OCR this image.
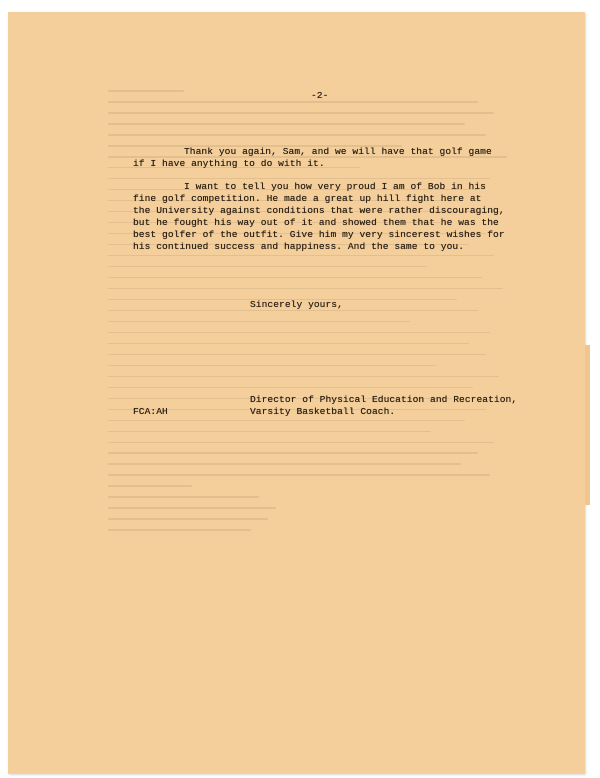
-2-
Thank you again, Sam, and we will have that golf game
if I have anything to do with it.
I want to tell you how very proud I am of Bob in his
fine golf competition. He made a great up hill fight here at
the University against conditions that were rather discouraging,
but he fought his way out of it and showed them that he was the
best golfer of the outfit. Give him my very sincerest wishes for
his continued success and happiness. And the same to you.
Sincerely yours,
Director of Physical Education and Recreation,
Varsity Basketball Coach.
FCA:AH
